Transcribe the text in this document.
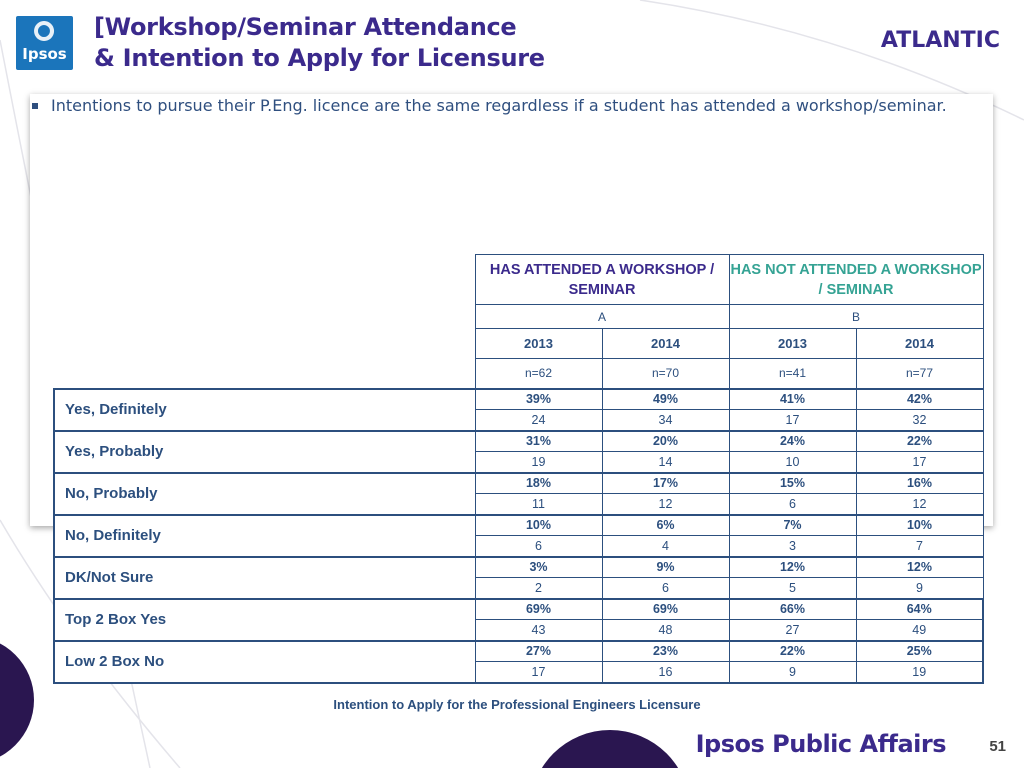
Ipsos
[Workshop/Seminar Attendance
& Intention to Apply for Licensure
ATLANTIC
Intentions to pursue their P.Eng. licence are the same regardless if a student has attended a workshop/seminar.
	HAS ATTENDED A WORKSHOP / SEMINAR		HAS NOT ATTENDED A WORKSHOP / SEMINAR	
	A		B	
	2013	2014	2013	2014
	n=62	n=70	n=41	n=77
Yes, Definitely	39%	49%	41%	42%
	24	34	17	32
Yes, Probably	31%	20%	24%	22%
	19	14	10	17
No, Probably	18%	17%	15%	16%
	11	12	6	12
No, Definitely	10%	6%	7%	10%
	6	4	3	7
DK/Not Sure	3%	9%	12%	12%
	2	6	5	9
Top 2 Box Yes	69%	69%	66%	64%
	43	48	27	49
Low 2 Box No	27%	23%	22%	25%
	17	16	9	19
Intention to Apply for the Professional Engineers Licensure
Ipsos Public Affairs	51
